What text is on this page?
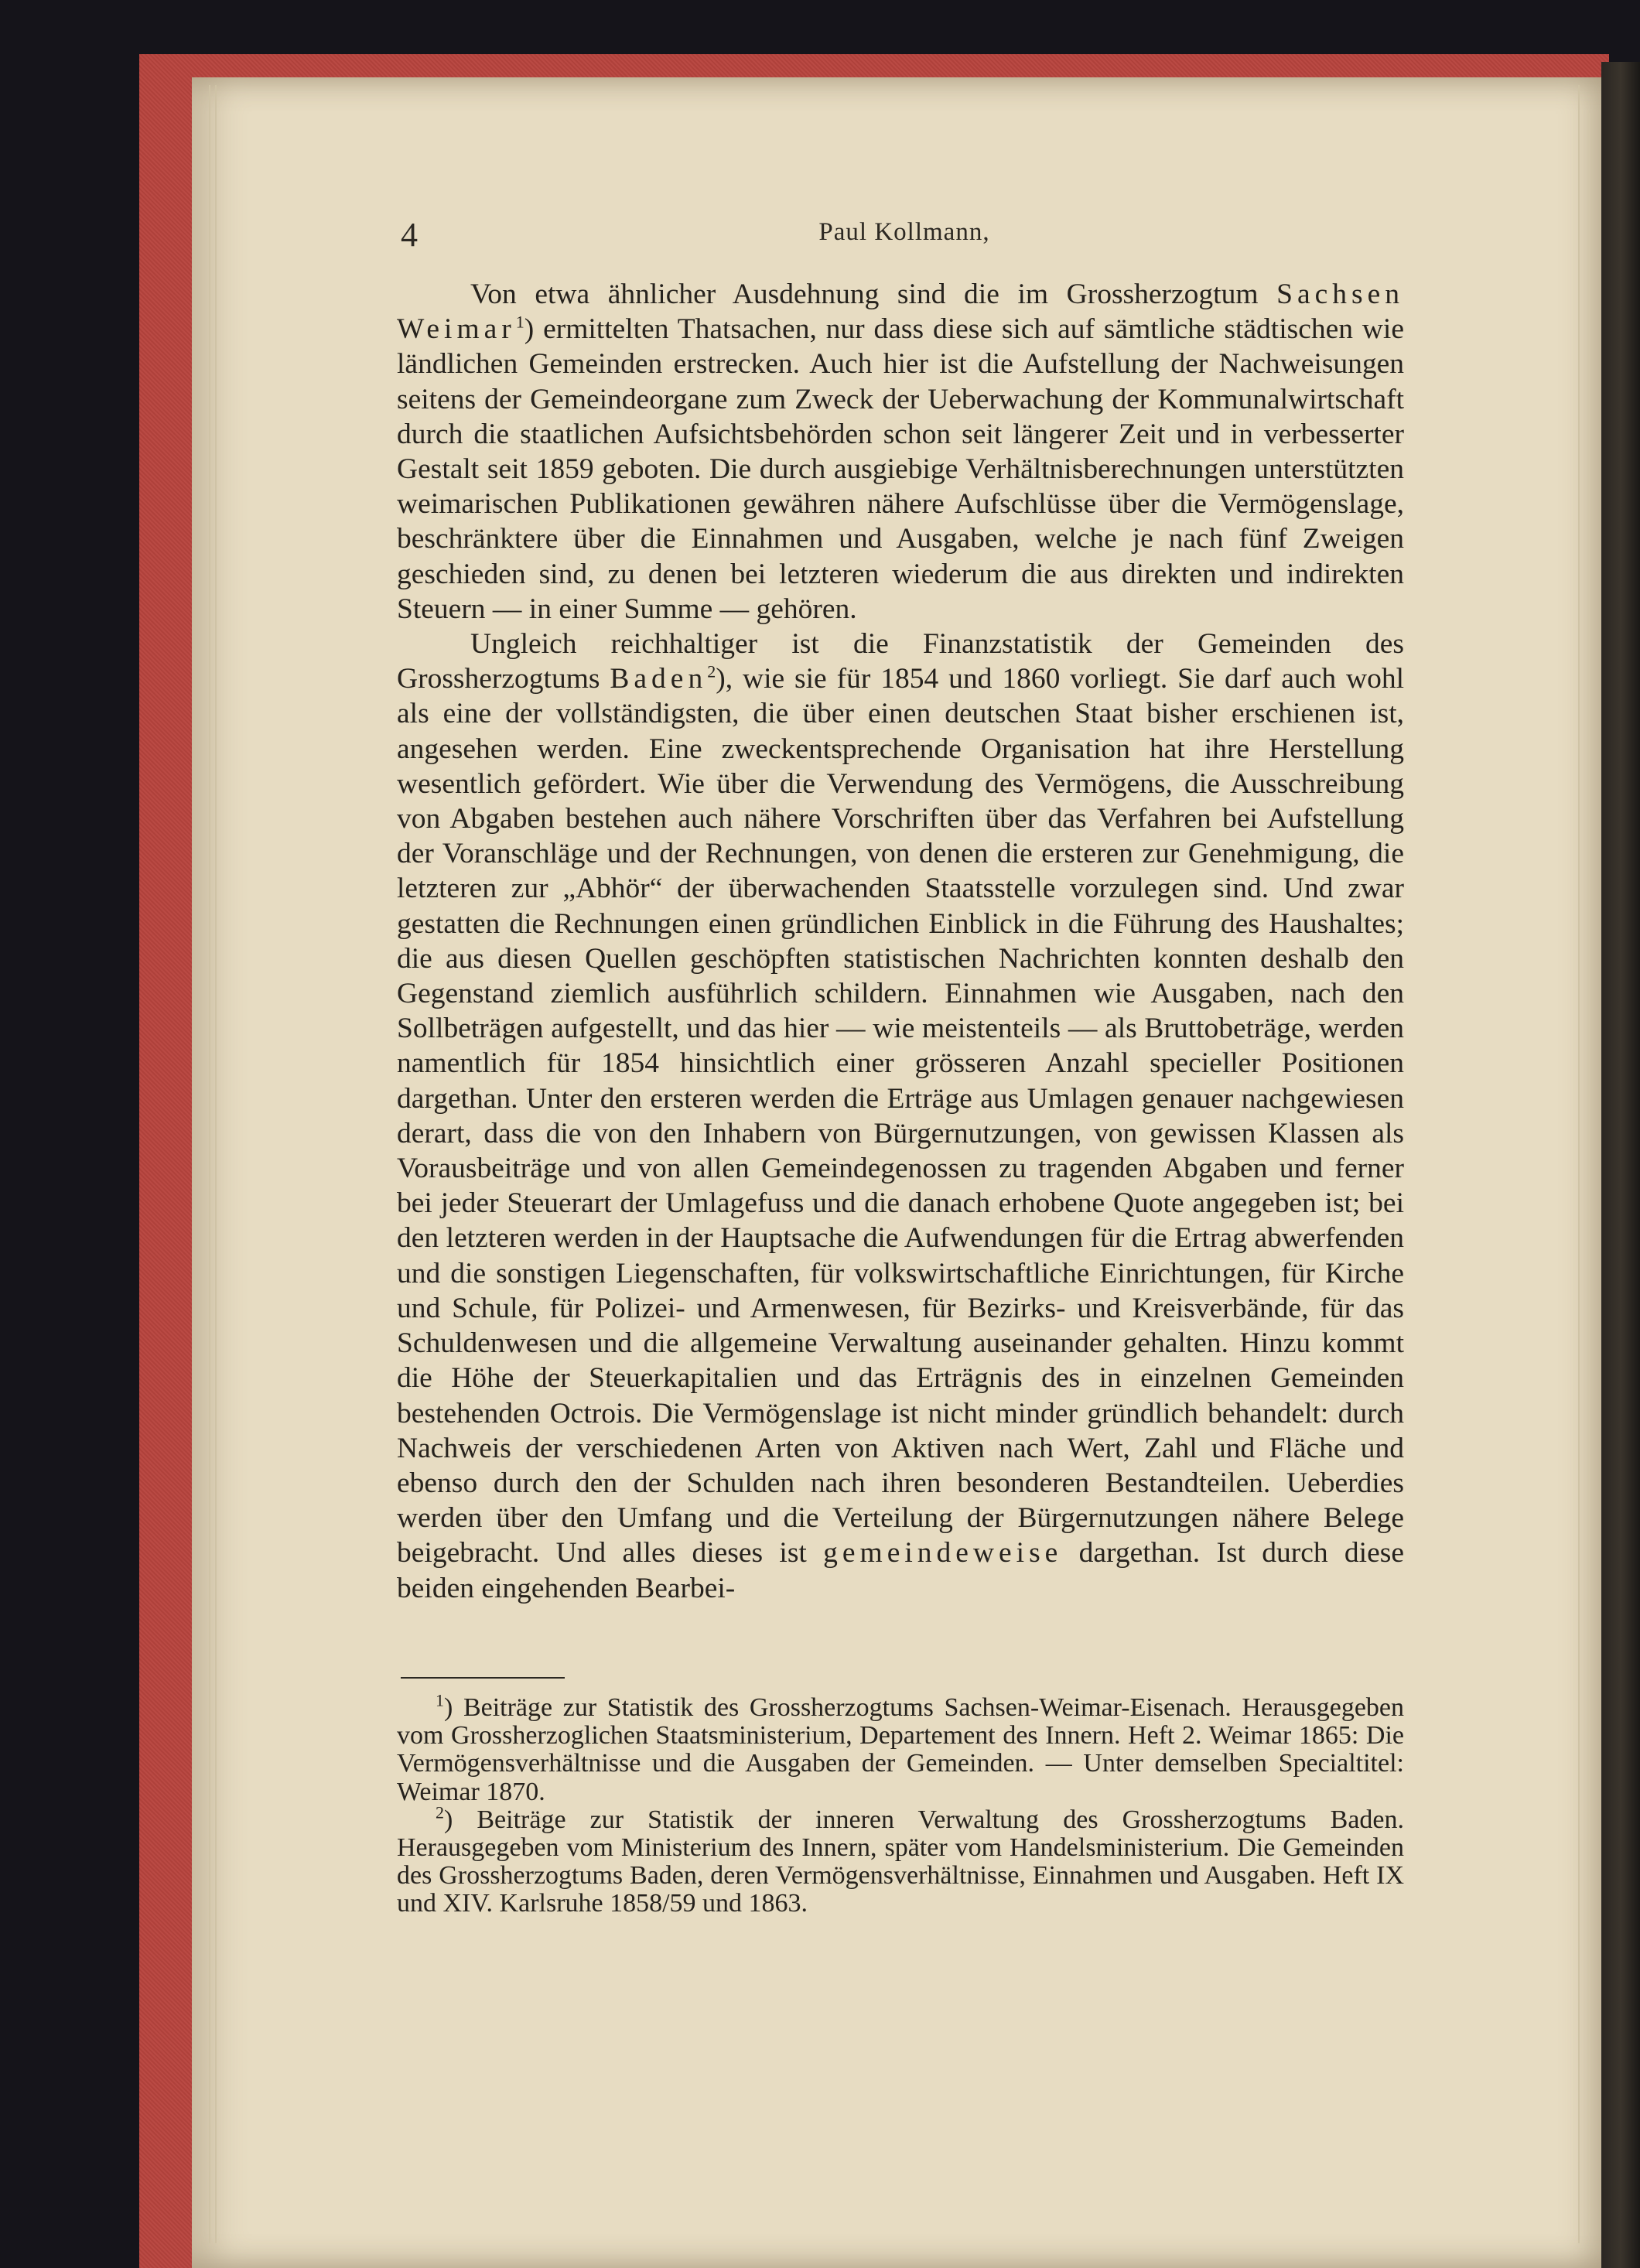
4	Paul Kollmann,

Von etwa ähnlicher Ausdehnung sind die im Grossherzogtum Sachsen Weimar$^1$) ermittelten Thatsachen, nur dass diese sich auf sämtliche städtischen wie ländlichen Gemeinden erstrecken. Auch hier ist die Aufstellung der Nachweisungen seitens der Gemeindeorgane zum Zweck der Ueberwachung der Kommunalwirtschaft durch die staatlichen Aufsichtsbehörden schon seit längerer Zeit und in verbesserter Gestalt seit 1859 geboten. Die durch ausgiebige Verhältnisberechnungen unterstützten weimarischen Publikationen gewähren nähere Aufschlüsse über die Vermögenslage, beschränktere über die Einnahmen und Ausgaben, welche je nach fünf Zweigen geschieden sind, zu denen bei letzteren wiederum die aus direkten und indirekten Steuern — in einer Summe — gehören.

Ungleich reichhaltiger ist die Finanzstatistik der Gemeinden des Grossherzogtums Baden$^2$), wie sie für 1854 und 1860 vorliegt. Sie darf auch wohl als eine der vollständigsten, die über einen deutschen Staat bisher erschienen ist, angesehen werden. Eine zweckentsprechende Organisation hat ihre Herstellung wesentlich gefördert. Wie über die Verwendung des Vermögens, die Ausschreibung von Abgaben bestehen auch nähere Vorschriften über das Verfahren bei Aufstellung der Voranschläge und der Rechnungen, von denen die ersteren zur Genehmigung, die letzteren zur „Abhör“ der überwachenden Staatsstelle vorzulegen sind. Und zwar gestatten die Rechnungen einen gründlichen Einblick in die Führung des Haushaltes; die aus diesen Quellen geschöpften statistischen Nachrichten konnten deshalb den Gegenstand ziemlich ausführlich schildern. Einnahmen wie Ausgaben, nach den Sollbeträgen aufgestellt, und das hier — wie meistenteils — als Bruttobeträge, werden namentlich für 1854 hinsichtlich einer grösseren Anzahl specieller Positionen dargethan. Unter den ersteren werden die Erträge aus Umlagen genauer nachgewiesen derart, dass die von den Inhabern von Bürgernutzungen, von gewissen Klassen als Vorausbeiträge und von allen Gemeindegenossen zu tragenden Abgaben und ferner bei jeder Steuerart der Umlagefuss und die danach erhobene Quote angegeben ist; bei den letzteren werden in der Hauptsache die Aufwendungen für die Ertrag abwerfenden und die sonstigen Liegenschaften, für volkswirtschaftliche Einrichtungen, für Kirche und Schule, für Polizei- und Armenwesen, für Bezirks- und Kreisverbände, für das Schuldenwesen und die allgemeine Verwaltung auseinander gehalten. Hinzu kommt die Höhe der Steuerkapitalien und das Erträgnis des in einzelnen Gemeinden bestehenden Octrois. Die Vermögenslage ist nicht minder gründlich behandelt: durch Nachweis der verschiedenen Arten von Aktiven nach Wert, Zahl und Fläche und ebenso durch den der Schulden nach ihren besonderen Bestandteilen. Ueberdies werden über den Umfang und die Verteilung der Bürgernutzungen nähere Belege beigebracht. Und alles dieses ist gemeindeweise dargethan. Ist durch diese beiden eingehenden Bearbei-

$^1$) Beiträge zur Statistik des Grossherzogtums Sachsen-Weimar-Eisenach. Herausgegeben vom Grossherzoglichen Staatsministerium, Departement des Innern. Heft 2. Weimar 1865: Die Vermögensverhältnisse und die Ausgaben der Gemeinden. — Unter demselben Specialtitel: Weimar 1870.

$^2$) Beiträge zur Statistik der inneren Verwaltung des Grossherzogtums Baden. Herausgegeben vom Ministerium des Innern, später vom Handelsministerium. Die Gemeinden des Grossherzogtums Baden, deren Vermögensverhältnisse, Einnahmen und Ausgaben. Heft IX und XIV. Karlsruhe 1858/59 und 1863.
